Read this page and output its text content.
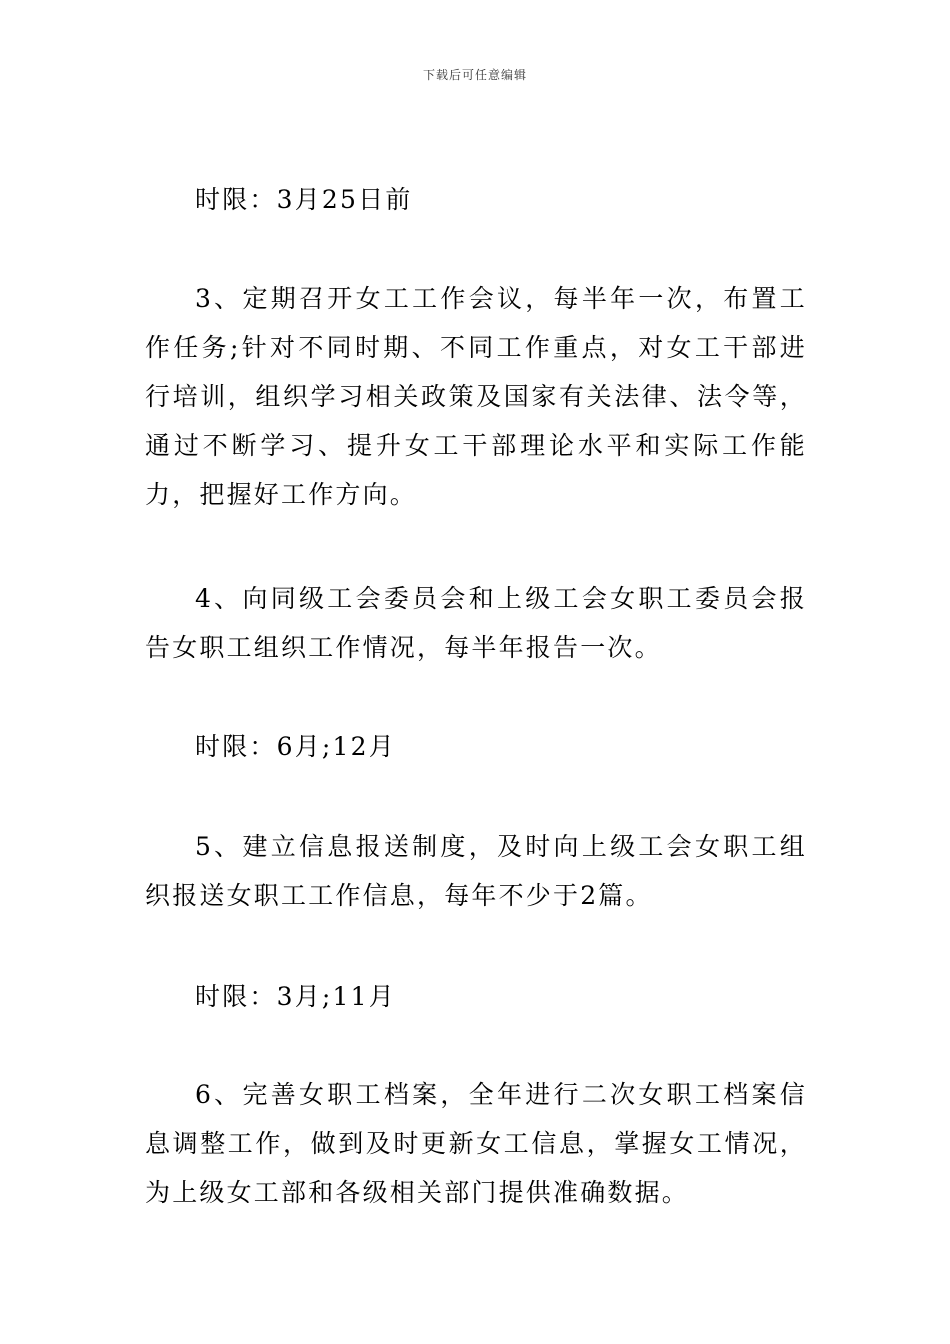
下载后可任意编辑

时限：3月25日前

3、定期召开女工工作会议，每半年一次，布置工作任务;针对不同时期、不同工作重点，对女工干部进行培训，组织学习相关政策及国家有关法律、法令等，通过不断学习、提升女工干部理论水平和实际工作能力，把握好工作方向。

4、向同级工会委员会和上级工会女职工委员会报告女职工组织工作情况，每半年报告一次。

时限：6月;12月

5、建立信息报送制度，及时向上级工会女职工组织报送女职工工作信息，每年不少于2篇。

时限：3月;11月

6、完善女职工档案，全年进行二次女职工档案信息调整工作，做到及时更新女工信息，掌握女工情况，为上级女工部和各级相关部门提供准确数据。
